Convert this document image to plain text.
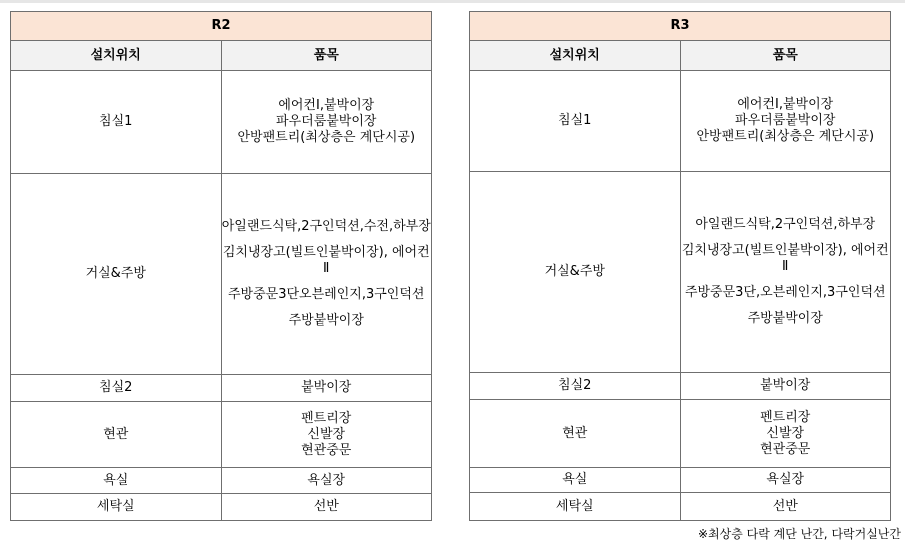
R2	
설치위치	품목
침실1	에어컨Ⅰ,붙박이장
파우더룸붙박이장
안방팬트리(최상층은 계단시공)

거실&주방	아일랜드식탁,2구인덕션,수전,하부장
김치냉장고(빌트인붙박이장), 에어컨Ⅱ
주방중문3단오븐레인지,3구인덕션
주방붙박이장

침실2	붙박이장

현관	펜트리장
신발장
현관중문

욕실	욕실장

세탁실	선반
R3	
설치위치	품목
침실1	에어컨Ⅰ,붙박이장
파우더룸붙박이장
안방팬트리(최상층은 계단시공)

거실&주방	아일랜드식탁,2구인덕션,하부장
김치냉장고(빌트인붙박이장), 에어컨Ⅱ
주방중문3단,오븐레인지,3구인덕션
주방붙박이장

침실2	붙박이장

현관	펜트리장
신발장
현관중문

욕실	욕실장

세탁실	선반
※최상층 다락 계단 난간, 다락거실난간
